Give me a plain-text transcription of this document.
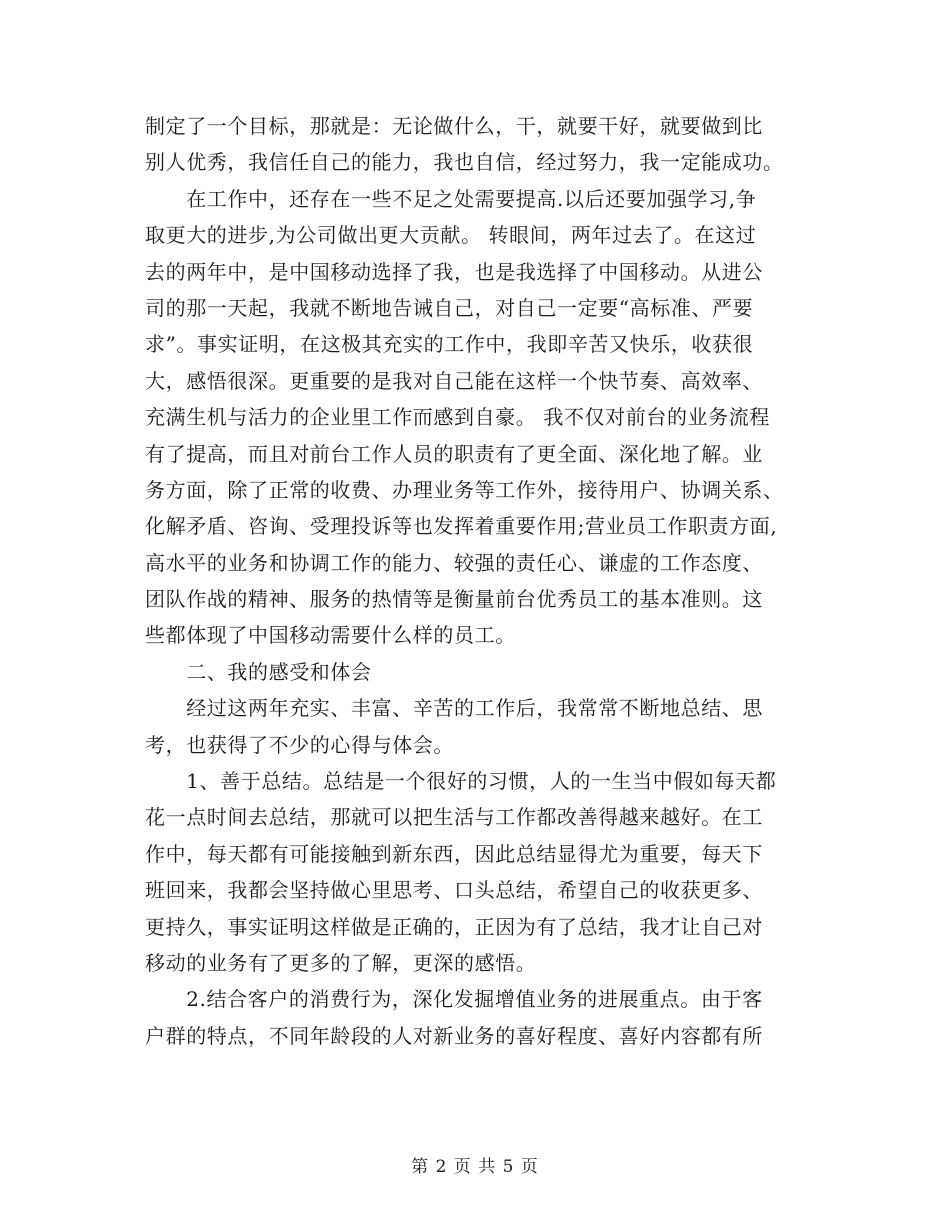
制定了一个目标，那就是：无论做什么，干，就要干好，就要做到比
别人优秀，我信任自己的能力，我也自信，经过努力，我一定能成功。
　　在工作中，还存在一些不足之处需要提高.以后还要加强学习,争
取更大的进步,为公司做出更大贡献。 转眼间，两年过去了。在这过
去的两年中，是中国移动选择了我，也是我选择了中国移动。从进公
司的那一天起，我就不断地告诫自己，对自己一定要“高标准、严要
求”。事实证明，在这极其充实的工作中，我即辛苦又快乐，收获很
大，感悟很深。更重要的是我对自己能在这样一个快节奏、高效率、
充满生机与活力的企业里工作而感到自豪。 我不仅对前台的业务流程
有了提高，而且对前台工作人员的职责有了更全面、深化地了解。业
务方面，除了正常的收费、办理业务等工作外，接待用户、协调关系、
化解矛盾、咨询、受理投诉等也发挥着重要作用;营业员工作职责方面,
高水平的业务和协调工作的能力、较强的责任心、谦虚的工作态度、
团队作战的精神、服务的热情等是衡量前台优秀员工的基本准则。这
些都体现了中国移动需要什么样的员工。
　　二、我的感受和体会
　　经过这两年充实、丰富、辛苦的工作后，我常常不断地总结、思
考，也获得了不少的心得与体会。
　　1、善于总结。总结是一个很好的习惯，人的一生当中假如每天都
花一点时间去总结，那就可以把生活与工作都改善得越来越好。在工
作中，每天都有可能接触到新东西，因此总结显得尤为重要，每天下
班回来，我都会坚持做心里思考、口头总结，希望自己的收获更多、
更持久，事实证明这样做是正确的，正因为有了总结，我才让自己对
移动的业务有了更多的了解，更深的感悟。
　　2.结合客户的消费行为，深化发掘增值业务的进展重点。由于客
户群的特点，不同年龄段的人对新业务的喜好程度、喜好内容都有所
第 2 页 共 5 页
